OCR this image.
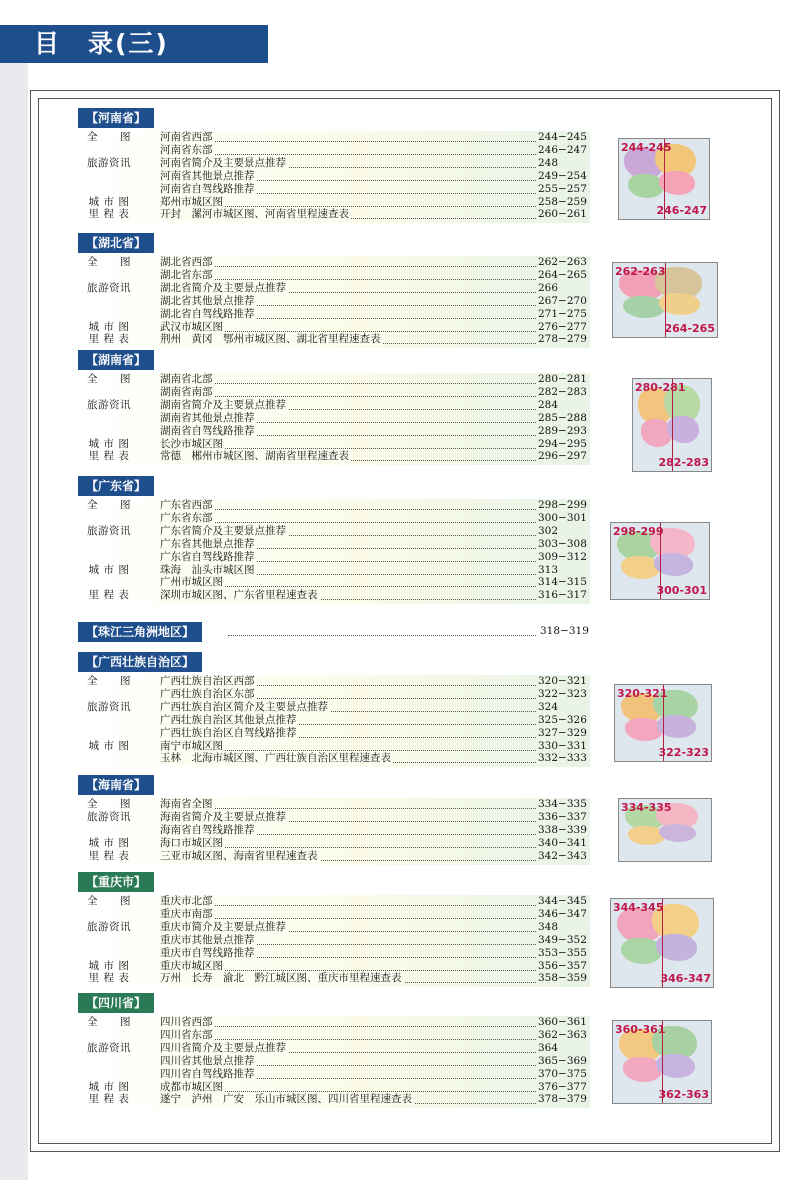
目　录(三)
【河南省】
全　　图	河南省西部	244−245
河南省东部	246−247
旅游资讯	河南省简介及主要景点推荐	248
河南省其他景点推荐	249−254
河南省自驾线路推荐	255−257
城 市 图	郑州市城区图	258−259
里 程 表	开封　漯河市城区图、河南省里程速查表	260−261
244-245
246-247
【湖北省】
全　　图	湖北省西部	262−263
湖北省东部	264−265
旅游资讯	湖北省简介及主要景点推荐	266
湖北省其他景点推荐	267−270
湖北省自驾线路推荐	271−275
城 市 图	武汉市城区图	276−277
里 程 表	荆州　黄冈　鄂州市城区图、湖北省里程速查表	278−279
262-263
264-265
【湖南省】
全　　图	湖南省北部	280−281
湖南省南部	282−283
旅游资讯	湖南省简介及主要景点推荐	284
湖南省其他景点推荐	285−288
湖南省自驾线路推荐	289−293
城 市 图	长沙市城区图	294−295
里 程 表	常德　郴州市城区图、湖南省里程速查表	296−297
280-281
282-283
【广东省】
全　　图	广东省西部	298−299
广东省东部	300−301
旅游资讯	广东省简介及主要景点推荐	302
广东省其他景点推荐	303−308
广东省自驾线路推荐	309−312
城 市 图	珠海　汕头市城区图	313
广州市城区图	314−315
里 程 表	深圳市城区图、广东省里程速查表	316−317
298-299
300-301
【珠江三角洲地区】	318−319
【广西壮族自治区】
全　　图	广西壮族自治区西部	320−321
广西壮族自治区东部	322−323
旅游资讯	广西壮族自治区简介及主要景点推荐	324
广西壮族自治区其他景点推荐	325−326
广西壮族自治区自驾线路推荐	327−329
城 市 图	南宁市城区图	330−331
玉林　北海市城区图、广西壮族自治区里程速查表	332−333
320-321
322-323
【海南省】
全　　图	海南省全图	334−335
旅游资讯	海南省简介及主要景点推荐	336−337
海南省自驾线路推荐	338−339
城 市 图	海口市城区图	340−341
里 程 表	三亚市城区图、海南省里程速查表	342−343
334-335
【重庆市】
全　　图	重庆市北部	344−345
重庆市南部	346−347
旅游资讯	重庆市简介及主要景点推荐	348
重庆市其他景点推荐	349−352
重庆市自驾线路推荐	353−355
城 市 图	重庆市城区图	356−357
里 程 表	万州　长寿　渝北　黔江城区图、重庆市里程速查表	358−359
344-345
346-347
【四川省】
全　　图	四川省西部	360−361
四川省东部	362−363
旅游资讯	四川省简介及主要景点推荐	364
四川省其他景点推荐	365−369
四川省自驾线路推荐	370−375
城 市 图	成都市城区图	376−377
里 程 表	遂宁　泸州　广安　乐山市城区图、四川省里程速查表	378−379
360-361
362-363
